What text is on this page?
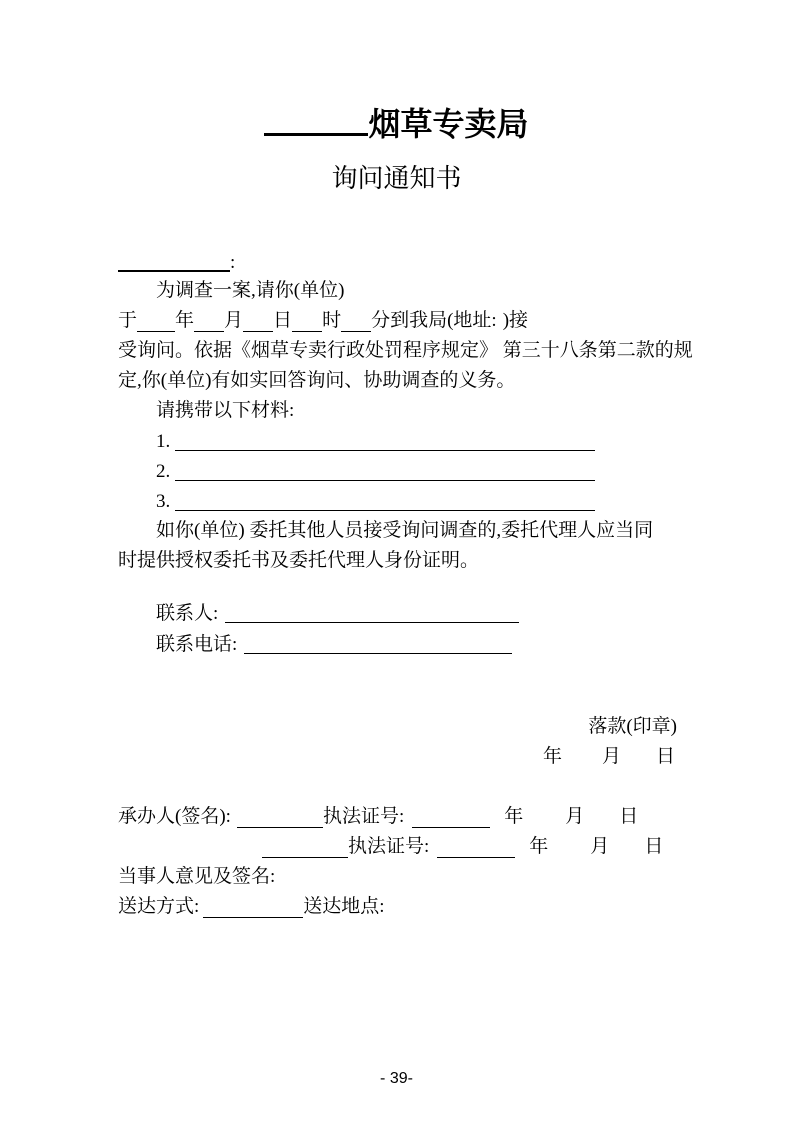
烟草专卖局
询问通知书
:
为调查 一案,请你(单位)
于 年 月 日 时 分到我局(地址: )接
受询问。依据《烟草专卖行政处罚程序规定》 第三十八条第二款的规
定,你(单位)有如实回答询问、协助调查的义务。
请携带以下材料:
1.
2.
3.
如你(单位) 委托其他人员接受询问调查的,委托代理人应当同
时提供授权委托书及委托代理人身份证明。
联系人:
联系电话:
落款(印章)
年 月 日
承办人(签名):	执法证号:	年 月 日
执法证号:	年 月 日
当事人意见及签名:
送达方式:	送达地点:
- 39-
